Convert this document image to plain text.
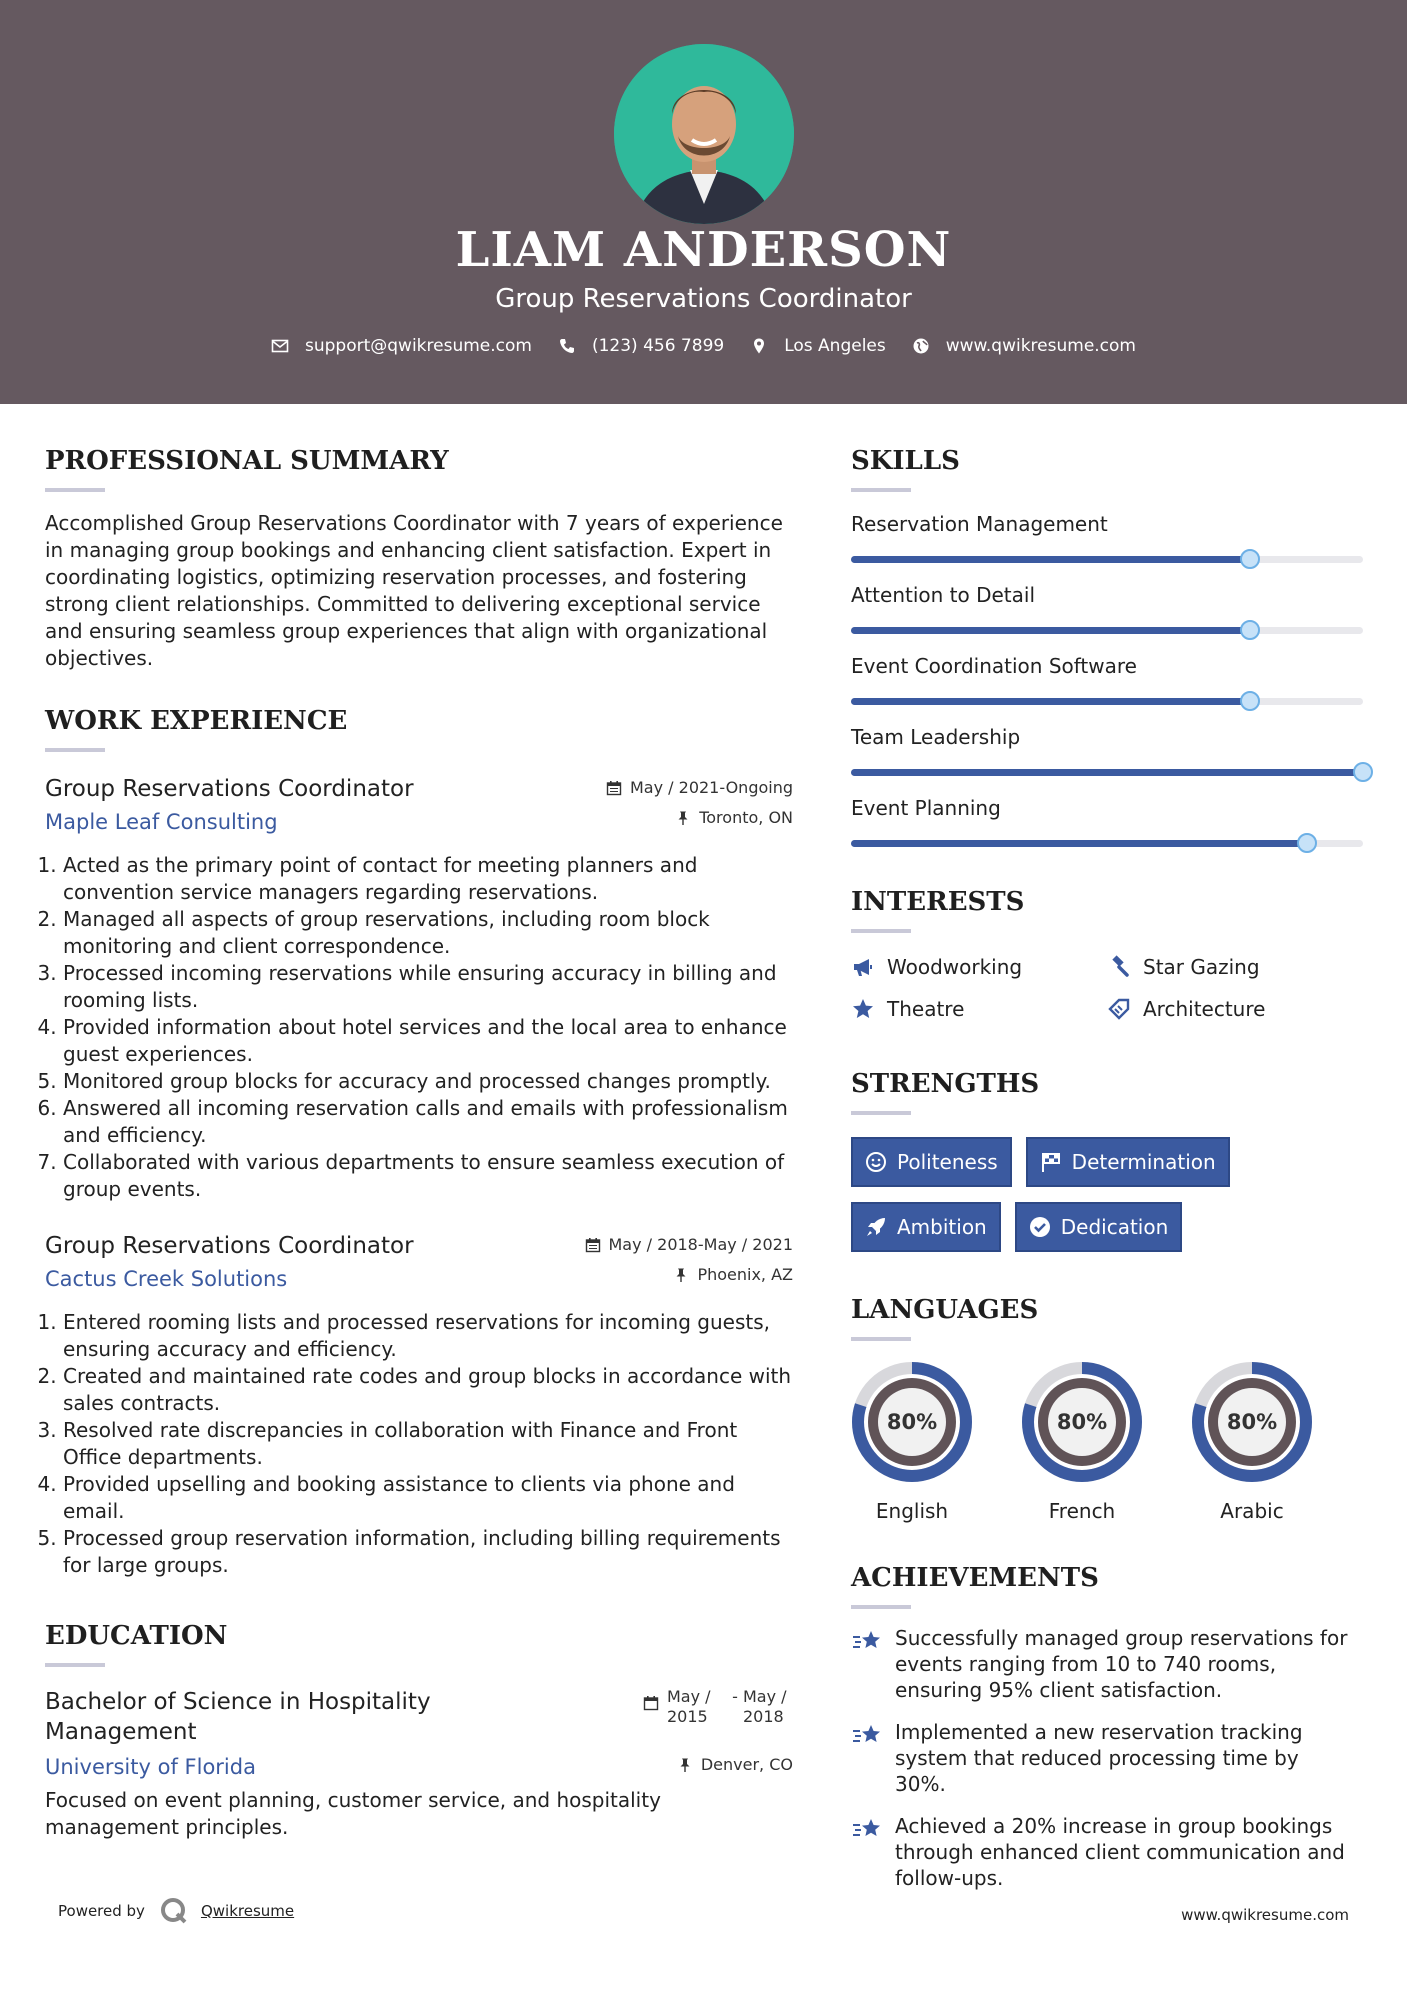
LIAM ANDERSON
Group Reservations Coordinator
support@qwikresume.com	(123) 456 7899	Los Angeles	www.qwikresume.com
PROFESSIONAL SUMMARY

Accomplished Group Reservations Coordinator with 7 years of experience in managing group bookings and enhancing client satisfaction. Expert in coordinating logistics, optimizing reservation processes, and fostering strong client relationships. Committed to delivering exceptional service and ensuring seamless group experiences that align with organizational objectives.

WORK EXPERIENCE
May / 2021-Ongoing
Toronto, ON
Group Reservations Coordinator
Maple Leaf Consulting
1. Acted as the primary point of contact for meeting planners and convention service managers regarding reservations.
2. Managed all aspects of group reservations, including room block monitoring and client correspondence.
3. Processed incoming reservations while ensuring accuracy in billing and rooming lists.
4. Provided information about hotel services and the local area to enhance guest experiences.
5. Monitored group blocks for accuracy and processed changes promptly.
6. Answered all incoming reservation calls and emails with professionalism and efficiency.
7. Collaborated with various departments to ensure seamless execution of group events.
May / 2018-May / 2021
Phoenix, AZ
Group Reservations Coordinator
Cactus Creek Solutions
1. Entered rooming lists and processed reservations for incoming guests, ensuring accuracy and efficiency.
2. Created and maintained rate codes and group blocks in accordance with sales contracts.
3. Resolved rate discrepancies in collaboration with Finance and Front Office departments.
4. Provided upselling and booking assistance to clients via phone and email.
5. Processed group reservation information, including billing requirements for large groups.
EDUCATION
May / 2015
- May / 2018
Denver, CO
Bachelor of Science in Hospitality Management
University of Florida

Focused on event planning, customer service, and hospitality management principles.

SKILLS
Reservation Management
Attention to Detail
Event Coordination Software
Team Leadership
Event Planning
INTERESTS
Woodworking	Star Gazing
Theatre	Architecture
STRENGTHS
Politeness	Determination
Ambition	Dedication
LANGUAGES
80%
English
80%
French
80%
Arabic
ACHIEVEMENTS
Successfully managed group reservations for events ranging from 10 to 740 rooms, ensuring 95% client satisfaction.
Implemented a new reservation tracking system that reduced processing time by 30%.
Achieved a 20% increase in group bookings through enhanced client communication and follow-ups.
Powered by	Qwikresume	www.qwikresume.com
